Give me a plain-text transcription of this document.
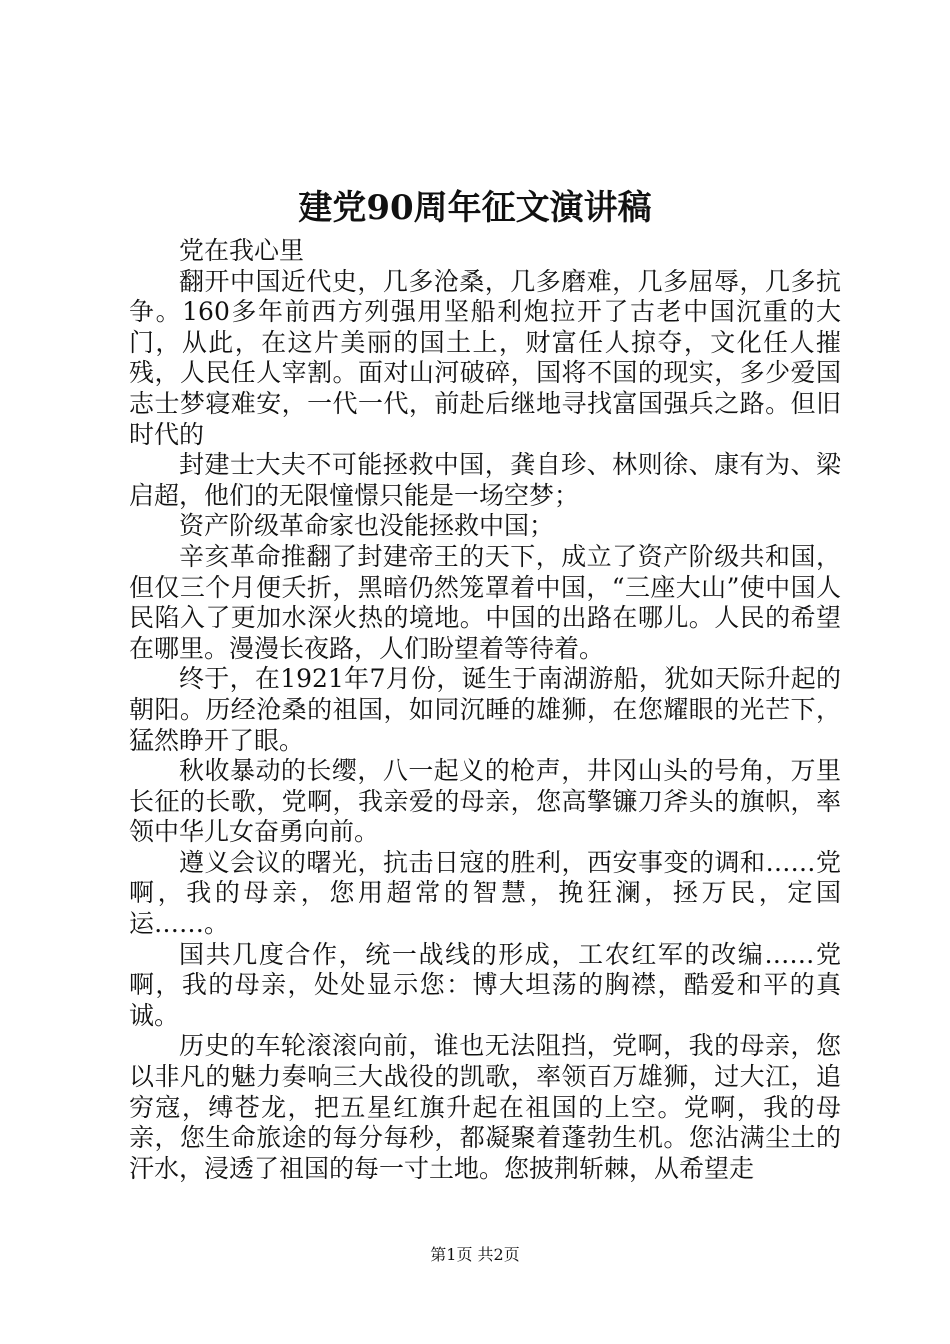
建党90周年征文演讲稿

党在我心里

翻开中国近代史，几多沧桑，几多磨难，几多屈辱，几多抗争。160多年前西方列强用坚船利炮拉开了古老中国沉重的大门，从此，在这片美丽的国土上，财富任人掠夺，文化任人摧残，人民任人宰割。面对山河破碎，国将不国的现实，多少爱国志士梦寝难安，一代一代，前赴后继地寻找富国强兵之路。但旧时代的

封建士大夫不可能拯救中国，龚自珍、林则徐、康有为、梁启超，他们的无限憧憬只能是一场空梦；

资产阶级革命家也没能拯救中国；

辛亥革命推翻了封建帝王的天下，成立了资产阶级共和国，但仅三个月便夭折，黑暗仍然笼罩着中国，“三座大山”使中国人民陷入了更加水深火热的境地。中国的出路在哪儿。人民的希望在哪里。漫漫长夜路，人们盼望着等待着。

终于，在1921年7月份，诞生于南湖游船，犹如天际升起的朝阳。历经沧桑的祖国，如同沉睡的雄狮，在您耀眼的光芒下，猛然睁开了眼。

秋收暴动的长缨，八一起义的枪声，井冈山头的号角，万里长征的长歌，党啊，我亲爱的母亲，您高擎镰刀斧头的旗帜，率领中华儿女奋勇向前。

遵义会议的曙光，抗击日寇的胜利，西安事变的调和……党啊，我的母亲，您用超常的智慧，挽狂澜，拯万民，定国运……。

国共几度合作，统一战线的形成，工农红军的改编……党啊，我的母亲，处处显示您：博大坦荡的胸襟，酷爱和平的真诚。

历史的车轮滚滚向前，谁也无法阻挡，党啊，我的母亲，您以非凡的魅力奏响三大战役的凯歌，率领百万雄狮，过大江，追穷寇，缚苍龙，把五星红旗升起在祖国的上空。党啊，我的母亲，您生命旅途的每分每秒，都凝聚着蓬勃生机。您沾满尘土的汗水，浸透了祖国的每一寸土地。您披荆斩棘，从希望走

第1页 共2页
